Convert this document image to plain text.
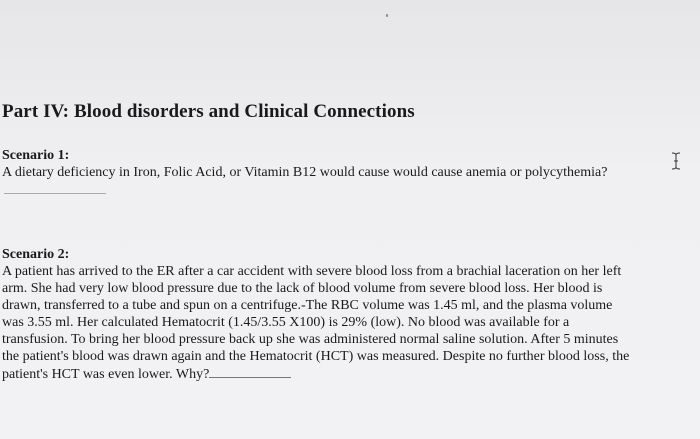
Part IV: Blood disorders and Clinical Connections
Scenario 1:
A dietary deficiency in Iron, Folic Acid, or Vitamin B12 would cause would cause anemia or polycythemia?
Scenario 2:
A patient has arrived to the ER after a car accident with severe blood loss from a brachial laceration on her left
arm. She had very low blood pressure due to the lack of blood volume from severe blood loss. Her blood is
drawn, transferred to a tube and spun on a centrifuge.-The RBC volume was 1.45 ml, and the plasma volume
was 3.55 ml. Her calculated Hematocrit (1.45/3.55 X100) is 29% (low). No blood was available for a
transfusion. To bring her blood pressure back up she was administered normal saline solution. After 5 minutes
the patient's blood was drawn again and the Hematocrit (HCT) was measured. Despite no further blood loss, the
patient's HCT was even lower. Why?
